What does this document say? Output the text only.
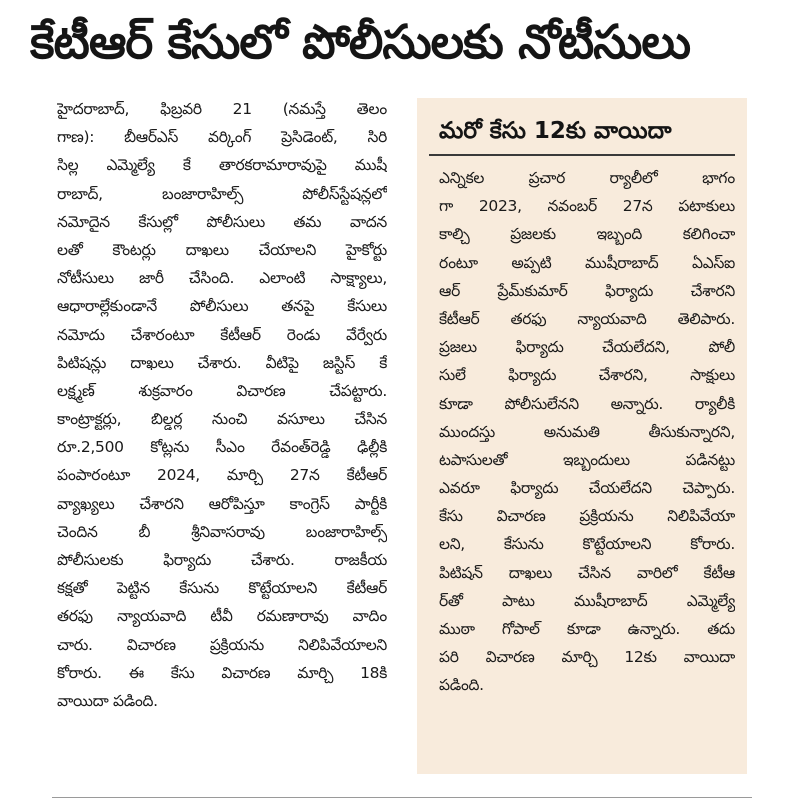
కేటీఆర్ కేసులో పోలీసులకు నోటీసులు
హైదరాబాద్, ఫిబ్రవరి 21 (నమస్తే తెలం
గాణ): బీఆర్ఎస్ వర్కింగ్ ప్రెసిడెంట్, సిరి
సిల్ల ఎమ్మెల్యే కే తారకరామారావుపై ముషీ
రాబాద్, బంజారాహిల్స్ పోలీస్‌స్టేషన్లలో
నమోదైన కేసుల్లో పోలీసులు తమ వాదన
లతో కౌంటర్లు దాఖలు చేయాలని హైకోర్టు
నోటీసులు జారీ చేసింది. ఎలాంటి సాక్ష్యాలు,
ఆధారాల్లేకుండానే పోలీసులు తనపై కేసులు
నమోదు చేశారంటూ కేటీఆర్ రెండు వేర్వేరు
పిటిషన్లు దాఖలు చేశారు. వీటిపై జస్టిస్ కే
లక్ష్మణ్ శుక్రవారం విచారణ చేపట్టారు.
కాంట్రాక్టర్లు, బిల్డర్ల నుంచి వసూలు చేసిన
రూ.2,500 కోట్లను సీఎం రేవంత్‌రెడ్డి ఢిల్లీకి
పంపారంటూ 2024, మార్చి 27న కేటీఆర్
వ్యాఖ్యలు చేశారని ఆరోపిస్తూ కాంగ్రెస్ పార్టీకి
చెందిన బీ శ్రీనివాసరావు బంజారాహిల్స్
పోలీసులకు ఫిర్యాదు చేశారు. రాజకీయ
కక్షతో పెట్టిన కేసును కొట్టేయాలని కేటీఆర్
తరఫు న్యాయవాది టీవీ రమణారావు వాదిం
చారు. విచారణ ప్రక్రియను నిలిపివేయాలని
కోరారు. ఈ కేసు విచారణ మార్చి 18కి
వాయిదా పడింది.
మరో కేసు 12కు వాయిదా
ఎన్నికల ప్రచార ర్యాలీలో భాగం
గా 2023, నవంబర్ 27న పటాకులు
కాల్చి ప్రజలకు ఇబ్బంది కలిగించా
రంటూ అప్పటి ముషీరాబాద్ ఏఎస్ఐ
ఆర్ ప్రేమ్‌కుమార్ ఫిర్యాదు చేశారని
కేటీఆర్ తరఫు న్యాయవాది తెలిపారు.
ప్రజలు ఫిర్యాదు చేయలేదని, పోలీ
సులే ఫిర్యాదు చేశారని, సాక్షులు
కూడా పోలీసులేనని అన్నారు. ర్యాలీకి
ముందస్తు అనుమతి తీసుకున్నారని,
టపాసులతో ఇబ్బందులు పడినట్టు
ఎవరూ ఫిర్యాదు చేయలేదని చెప్పారు.
కేసు విచారణ ప్రక్రియను నిలిపివేయా
లని, కేసును కొట్టేయాలని కోరారు.
పిటిషన్ దాఖలు చేసిన వారిలో కేటీఆ
ర్‌తో పాటు ముషీరాబాద్ ఎమ్మెల్యే
ముఠా గోపాల్ కూడా ఉన్నారు. తదు
పరి విచారణ మార్చి 12కు వాయిదా
పడింది.
